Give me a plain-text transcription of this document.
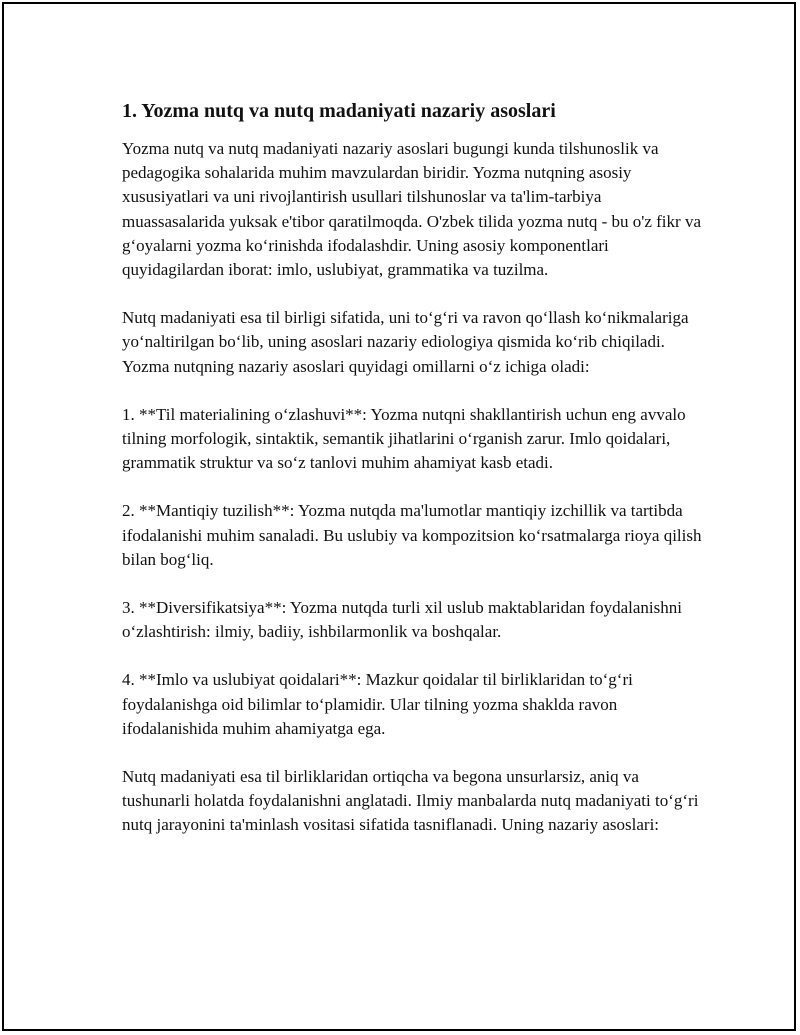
1. Yozma nutq va nutq madaniyati nazariy asoslari

Yozma nutq va nutq madaniyati nazariy asoslari bugungi kunda tilshunoslik va pedagogika sohalarida muhim mavzulardan biridir. Yozma nutqning asosiy xususiyatlari va uni rivojlantirish usullari tilshunoslar va ta'lim-tarbiya muassasalarida yuksak e'tibor qaratilmoqda. O'zbek tilida yozma nutq - bu o'z fikr va g‘oyalarni yozma ko‘rinishda ifodalashdir. Uning asosiy komponentlari quyidagilardan iborat: imlo, uslubiyat, grammatika va tuzilma.

Nutq madaniyati esa til birligi sifatida, uni to‘g‘ri va ravon qo‘llash ko‘nikmalariga yo‘naltirilgan bo‘lib, uning asoslari nazariy ediologiya qismida ko‘rib chiqiladi. Yozma nutqning nazariy asoslari quyidagi omillarni o‘z ichiga oladi:

1. **Til materialining o‘zlashuvi**: Yozma nutqni shakllantirish uchun eng avvalo tilning morfologik, sintaktik, semantik jihatlarini o‘rganish zarur. Imlo qoidalari, grammatik struktur va so‘z tanlovi muhim ahamiyat kasb etadi.

2. **Mantiqiy tuzilish**: Yozma nutqda ma'lumotlar mantiqiy izchillik va tartibda ifodalanishi muhim sanaladi. Bu uslubiy va kompozitsion ko‘rsatmalarga rioya qilish bilan bog‘liq.

3. **Diversifikatsiya**: Yozma nutqda turli xil uslub maktablaridan foydalanishni o‘zlashtirish: ilmiy, badiiy, ishbilarmonlik va boshqalar.

4. **Imlo va uslubiyat qoidalari**: Mazkur qoidalar til birliklaridan to‘g‘ri foydalanishga oid bilimlar to‘plamidir. Ular tilning yozma shaklda ravon ifodalanishida muhim ahamiyatga ega.

Nutq madaniyati esa til birliklaridan ortiqcha va begona unsurlarsiz, aniq va tushunarli holatda foydalanishni anglatadi. Ilmiy manbalarda nutq madaniyati to‘g‘ri nutq jarayonini ta'minlash vositasi sifatida tasniflanadi. Uning nazariy asoslari:
